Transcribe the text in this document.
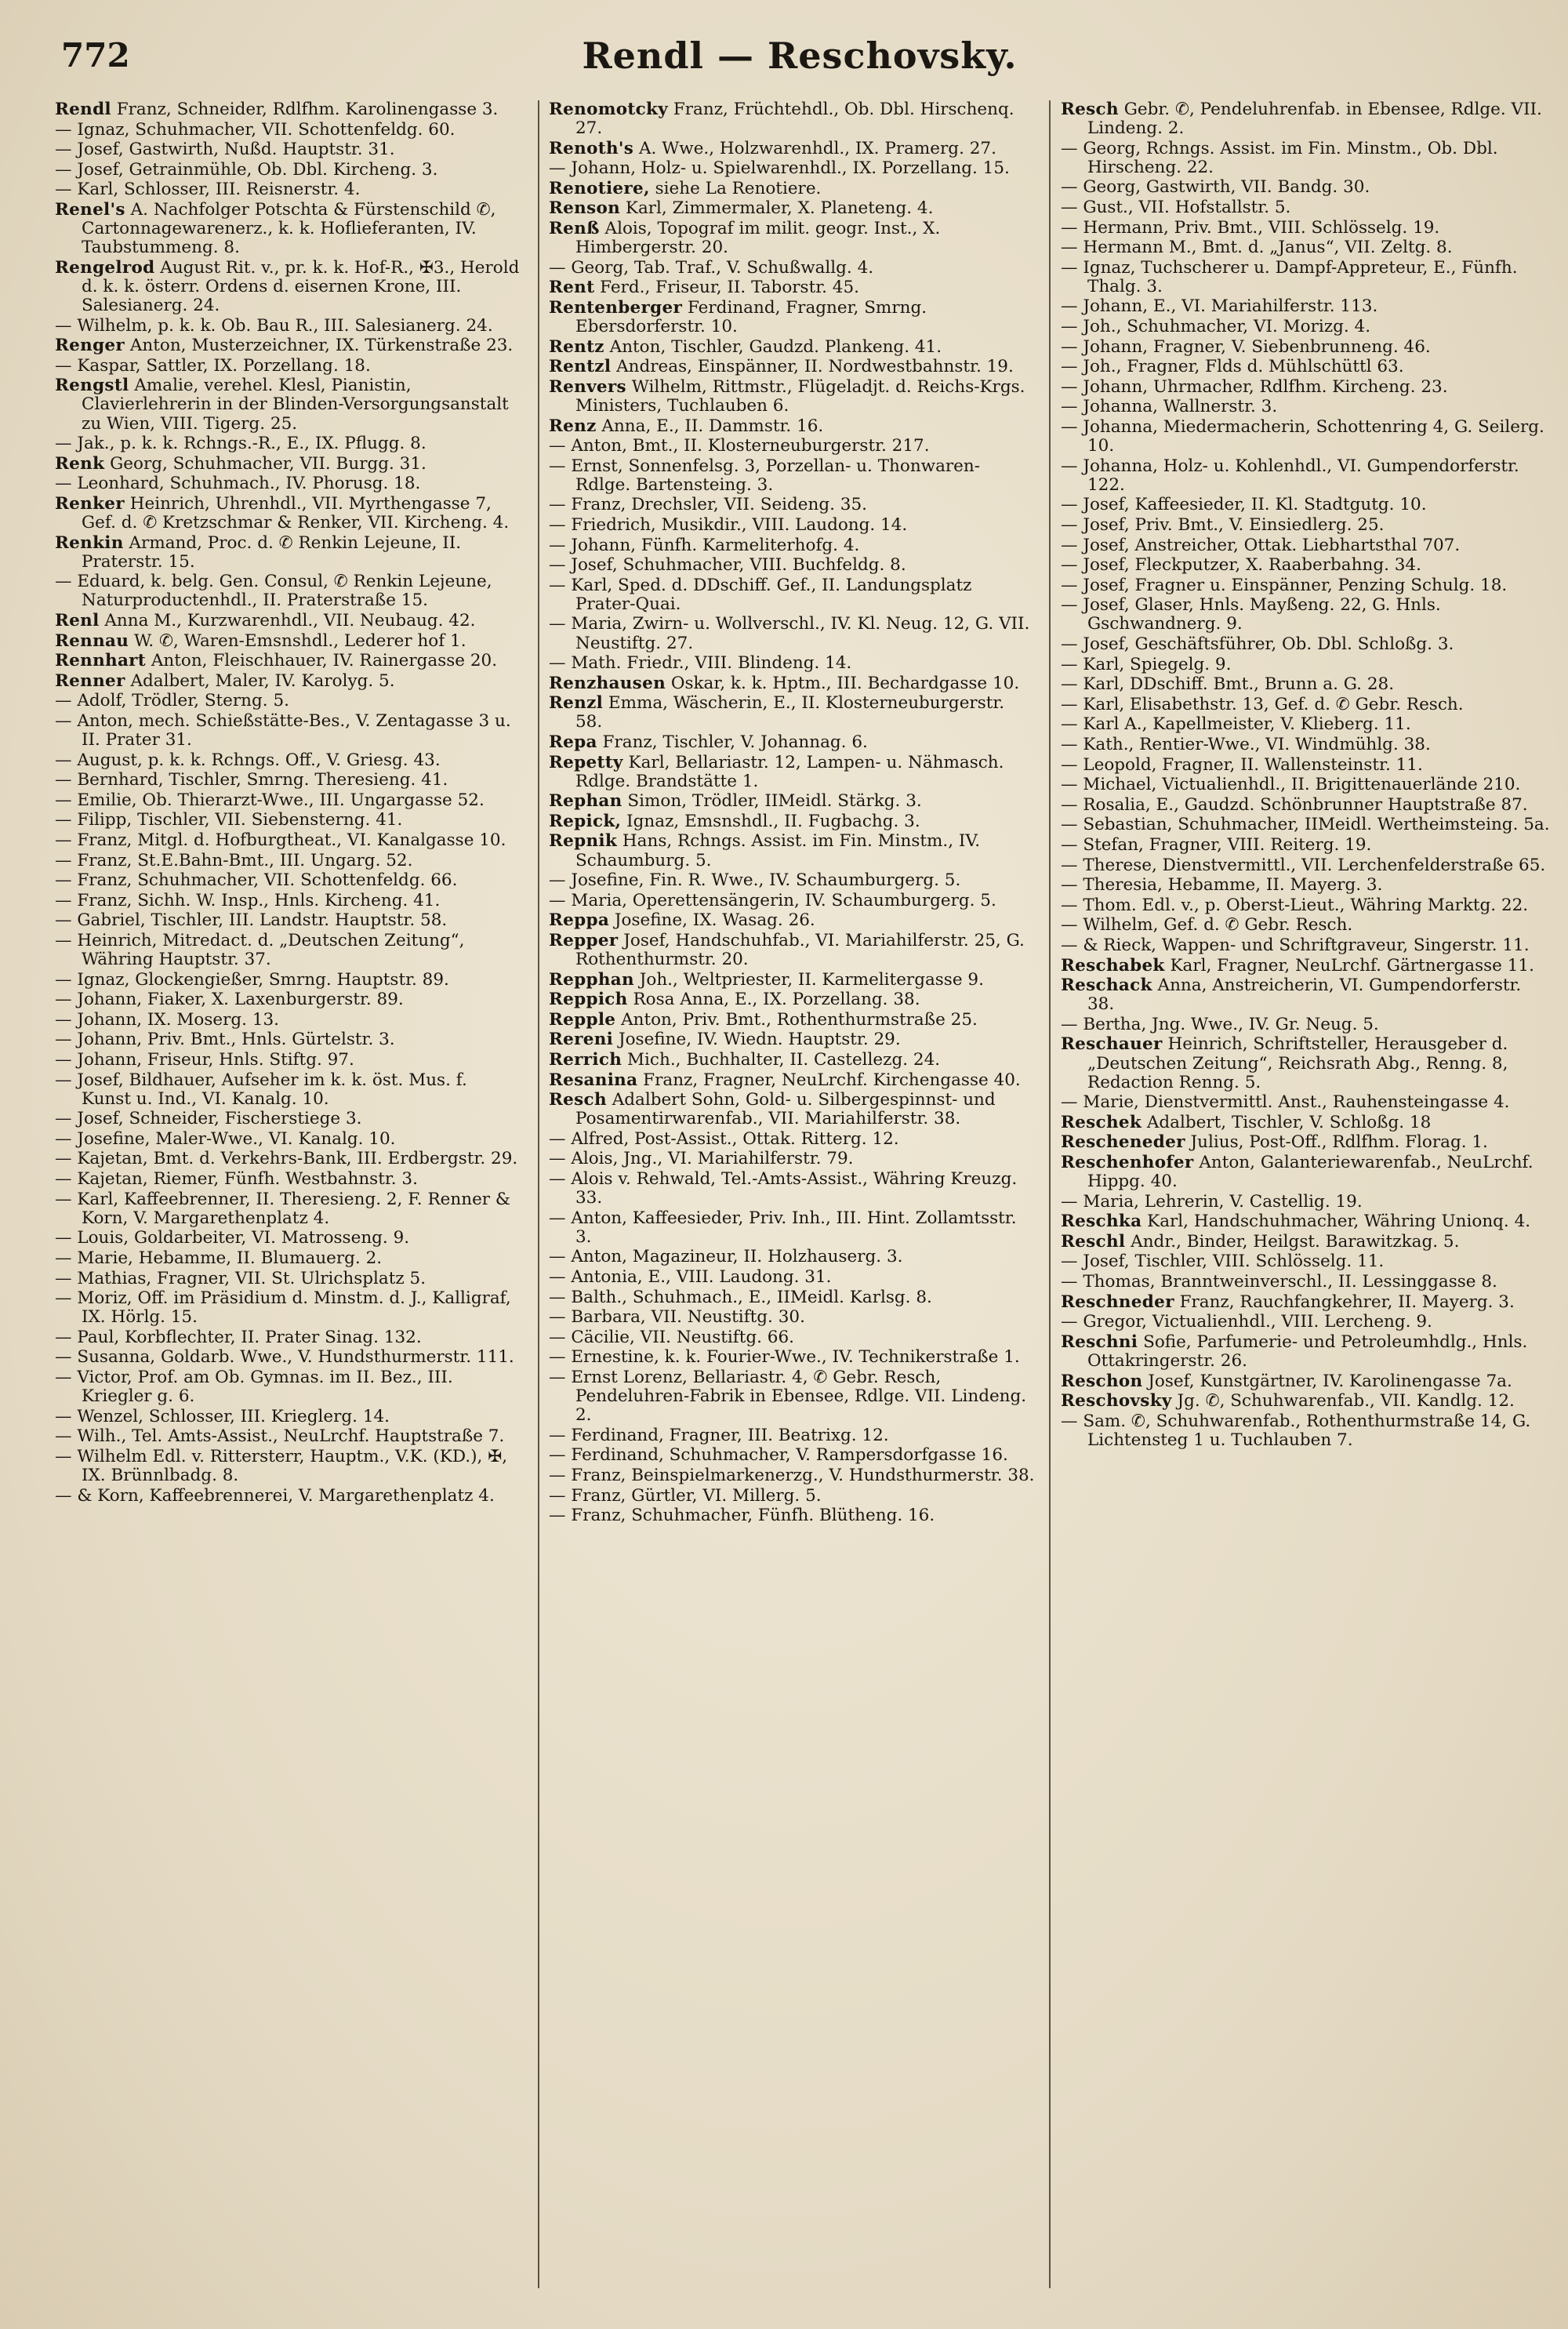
772	Rendl — Reschovsky.
Rendl Franz, Schneider, Rdlfhm. Karolinengasse 3.
— Ignaz, Schuhmacher, VII. Schottenfeldg. 60.
— Josef, Gastwirth, Nußd. Hauptstr. 31.
— Josef, Getrainmühle, Ob. Dbl. Kircheng. 3.
— Karl, Schlosser, III. Reisnerstr. 4.
Renel's A. Nachfolger Potschta & Fürstenschild ✆, Cartonnagewarenerz., k. k. Hoflieferanten, IV. Taubstummeng. 8.
Rengelrod August Rit. v., pr. k. k. Hof-R., ✠3., Herold d. k. k. österr. Ordens d. eisernen Krone, III. Salesianerg. 24.
— Wilhelm, p. k. k. Ob. Bau R., III. Salesianerg. 24.
Renger Anton, Musterzeichner, IX. Türkenstraße 23.
— Kaspar, Sattler, IX. Porzellang. 18.
Rengstl Amalie, verehel. Klesl, Pianistin, Clavierlehrerin in der Blinden-Versorgungsanstalt zu Wien, VIII. Tigerg. 25.
— Jak., p. k. k. Rchngs.-R., E., IX. Pflugg. 8.
Renk Georg, Schuhmacher, VII. Burgg. 31.
— Leonhard, Schuhmach., IV. Phorusg. 18.
Renker Heinrich, Uhrenhdl., VII. Myrthengasse 7, Gef. d. ✆ Kretzschmar & Renker, VII. Kircheng. 4.
Renkin Armand, Proc. d. ✆ Renkin Lejeune, II. Praterstr. 15.
— Eduard, k. belg. Gen. Consul, ✆ Renkin Lejeune, Naturproductenhdl., II. Praterstraße 15.
Renl Anna M., Kurzwarenhdl., VII. Neubaug. 42.
Rennau W. ✆, Waren-Emsnshdl., Lederer hof 1.
Rennhart Anton, Fleischhauer, IV. Rainergasse 20.
Renner Adalbert, Maler, IV. Karolyg. 5.
— Adolf, Trödler, Sterng. 5.
— Anton, mech. Schießstätte-Bes., V. Zentagasse 3 u. II. Prater 31.
— August, p. k. k. Rchngs. Off., V. Griesg. 43.
— Bernhard, Tischler, Smrng. Theresieng. 41.
— Emilie, Ob. Thierarzt-Wwe., III. Ungargasse 52.
— Filipp, Tischler, VII. Siebensterng. 41.
— Franz, Mitgl. d. Hofburgtheat., VI. Kanalgasse 10.
— Franz, St.E.Bahn-Bmt., III. Ungarg. 52.
— Franz, Schuhmacher, VII. Schottenfeldg. 66.
— Franz, Sichh. W. Insp., Hnls. Kircheng. 41.
— Gabriel, Tischler, III. Landstr. Hauptstr. 58.
— Heinrich, Mitredact. d. „Deutschen Zeitung“, Währing Hauptstr. 37.
— Ignaz, Glockengießer, Smrng. Hauptstr. 89.
— Johann, Fiaker, X. Laxenburgerstr. 89.
— Johann, IX. Moserg. 13.
— Johann, Priv. Bmt., Hnls. Gürtelstr. 3.
— Johann, Friseur, Hnls. Stiftg. 97.
— Josef, Bildhauer, Aufseher im k. k. öst. Mus. f. Kunst u. Ind., VI. Kanalg. 10.
— Josef, Schneider, Fischerstiege 3.
— Josefine, Maler-Wwe., VI. Kanalg. 10.
— Kajetan, Bmt. d. Verkehrs-Bank, III. Erdbergstr. 29.
— Kajetan, Riemer, Fünfh. Westbahnstr. 3.
— Karl, Kaffeebrenner, II. Theresieng. 2, F. Renner & Korn, V. Margarethenplatz 4.
— Louis, Goldarbeiter, VI. Matrosseng. 9.
— Marie, Hebamme, II. Blumauerg. 2.
— Mathias, Fragner, VII. St. Ulrichsplatz 5.
— Moriz, Off. im Präsidium d. Minstm. d. J., Kalligraf, IX. Hörlg. 15.
— Paul, Korbflechter, II. Prater Sinag. 132.
— Susanna, Goldarb. Wwe., V. Hundsthurmerstr. 111.
— Victor, Prof. am Ob. Gymnas. im II. Bez., III. Kriegler g. 6.
— Wenzel, Schlosser, III. Krieglerg. 14.
— Wilh., Tel. Amts-Assist., NeuLrchf. Hauptstraße 7.
— Wilhelm Edl. v. Rittersterr, Hauptm., V.K. (KD.), ✠, IX. Brünnlbadg. 8.
— & Korn, Kaffeebrennerei, V. Margarethenplatz 4.
Renomotcky Franz, Früchtehdl., Ob. Dbl. Hirschenq. 27.
Renoth's A. Wwe., Holzwarenhdl., IX. Pramerg. 27.
— Johann, Holz- u. Spielwarenhdl., IX. Porzellang. 15.
Renotiere, siehe La Renotiere.
Renson Karl, Zimmermaler, X. Planeteng. 4.
Renß Alois, Topograf im milit. geogr. Inst., X. Himbergerstr. 20.
— Georg, Tab. Traf., V. Schußwallg. 4.
Rent Ferd., Friseur, II. Taborstr. 45.
Rentenberger Ferdinand, Fragner, Smrng. Ebersdorferstr. 10.
Rentz Anton, Tischler, Gaudzd. Plankeng. 41.
Rentzl Andreas, Einspänner, II. Nordwestbahnstr. 19.
Renvers Wilhelm, Rittmstr., Flügeladjt. d. Reichs-Krgs. Ministers, Tuchlauben 6.
Renz Anna, E., II. Dammstr. 16.
— Anton, Bmt., II. Klosterneuburgerstr. 217.
— Ernst, Sonnenfelsg. 3, Porzellan- u. Thonwaren-Rdlge. Bartensteing. 3.
— Franz, Drechsler, VII. Seideng. 35.
— Friedrich, Musikdir., VIII. Laudong. 14.
— Johann, Fünfh. Karmeliterhofg. 4.
— Josef, Schuhmacher, VIII. Buchfeldg. 8.
— Karl, Sped. d. DDschiff. Gef., II. Landungsplatz Prater-Quai.
— Maria, Zwirn- u. Wollverschl., IV. Kl. Neug. 12, G. VII. Neustiftg. 27.
— Math. Friedr., VIII. Blindeng. 14.
Renzhausen Oskar, k. k. Hptm., III. Bechardgasse 10.
Renzl Emma, Wäscherin, E., II. Klosterneuburgerstr. 58.
Repa Franz, Tischler, V. Johannag. 6.
Repetty Karl, Bellariastr. 12, Lampen- u. Nähmasch. Rdlge. Brandstätte 1.
Rephan Simon, Trödler, IIMeidl. Stärkg. 3.
Repick, Ignaz, Emsnshdl., II. Fugbachg. 3.
Repnik Hans, Rchngs. Assist. im Fin. Minstm., IV. Schaumburg. 5.
— Josefine, Fin. R. Wwe., IV. Schaumburgerg. 5.
— Maria, Operettensängerin, IV. Schaumburgerg. 5.
Reppa Josefine, IX. Wasag. 26.
Repper Josef, Handschuhfab., VI. Mariahilferstr. 25, G. Rothenthurmstr. 20.
Repphan Joh., Weltpriester, II. Karmelitergasse 9.
Reppich Rosa Anna, E., IX. Porzellang. 38.
Repple Anton, Priv. Bmt., Rothenthurmstraße 25.
Rereni Josefine, IV. Wiedn. Hauptstr. 29.
Rerrich Mich., Buchhalter, II. Castellezg. 24.
Resanina Franz, Fragner, NeuLrchf. Kirchengasse 40.
Resch Adalbert Sohn, Gold- u. Silbergespinnst- und Posamentirwarenfab., VII. Mariahilferstr. 38.
— Alfred, Post-Assist., Ottak. Ritterg. 12.
— Alois, Jng., VI. Mariahilferstr. 79.
— Alois v. Rehwald, Tel.-Amts-Assist., Währing Kreuzg. 33.
— Anton, Kaffeesieder, Priv. Inh., III. Hint. Zollamtsstr. 3.
— Anton, Magazineur, II. Holzhauserg. 3.
— Antonia, E., VIII. Laudong. 31.
— Balth., Schuhmach., E., IIMeidl. Karlsg. 8.
— Barbara, VII. Neustiftg. 30.
— Cäcilie, VII. Neustiftg. 66.
— Ernestine, k. k. Fourier-Wwe., IV. Technikerstraße 1.
— Ernst Lorenz, Bellariastr. 4, ✆ Gebr. Resch, Pendeluhren-Fabrik in Ebensee, Rdlge. VII. Lindeng. 2.
— Ferdinand, Fragner, III. Beatrixg. 12.
— Ferdinand, Schuhmacher, V. Rampersdorfgasse 16.
— Franz, Beinspielmarkenerzg., V. Hundsthurmerstr. 38.
— Franz, Gürtler, VI. Millerg. 5.
— Franz, Schuhmacher, Fünfh. Blütheng. 16.
Resch Gebr. ✆, Pendeluhrenfab. in Ebensee, Rdlge. VII. Lindeng. 2.
— Georg, Rchngs. Assist. im Fin. Minstm., Ob. Dbl. Hirscheng. 22.
— Georg, Gastwirth, VII. Bandg. 30.
— Gust., VII. Hofstallstr. 5.
— Hermann, Priv. Bmt., VIII. Schlösselg. 19.
— Hermann M., Bmt. d. „Janus“, VII. Zeltg. 8.
— Ignaz, Tuchscherer u. Dampf-Appreteur, E., Fünfh. Thalg. 3.
— Johann, E., VI. Mariahilferstr. 113.
— Joh., Schuhmacher, VI. Morizg. 4.
— Johann, Fragner, V. Siebenbrunneng. 46.
— Joh., Fragner, Flds d. Mühlschüttl 63.
— Johann, Uhrmacher, Rdlfhm. Kircheng. 23.
— Johanna, Wallnerstr. 3.
— Johanna, Miedermacherin, Schottenring 4, G. Seilerg. 10.
— Johanna, Holz- u. Kohlenhdl., VI. Gumpendorferstr. 122.
— Josef, Kaffeesieder, II. Kl. Stadtgutg. 10.
— Josef, Priv. Bmt., V. Einsiedlerg. 25.
— Josef, Anstreicher, Ottak. Liebhartsthal 707.
— Josef, Fleckputzer, X. Raaberbahng. 34.
— Josef, Fragner u. Einspänner, Penzing Schulg. 18.
— Josef, Glaser, Hnls. Mayßeng. 22, G. Hnls. Gschwandnerg. 9.
— Josef, Geschäftsführer, Ob. Dbl. Schloßg. 3.
— Karl, Spiegelg. 9.
— Karl, DDschiff. Bmt., Brunn a. G. 28.
— Karl, Elisabethstr. 13, Gef. d. ✆ Gebr. Resch.
— Karl A., Kapellmeister, V. Klieberg. 11.
— Kath., Rentier-Wwe., VI. Windmühlg. 38.
— Leopold, Fragner, II. Wallensteinstr. 11.
— Michael, Victualienhdl., II. Brigittenauerlände 210.
— Rosalia, E., Gaudzd. Schönbrunner Hauptstraße 87.
— Sebastian, Schuhmacher, IIMeidl. Wertheimsteing. 5a.
— Stefan, Fragner, VIII. Reiterg. 19.
— Therese, Dienstvermittl., VII. Lerchenfelderstraße 65.
— Theresia, Hebamme, II. Mayerg. 3.
— Thom. Edl. v., p. Oberst-Lieut., Währing Marktg. 22.
— Wilhelm, Gef. d. ✆ Gebr. Resch.
— & Rieck, Wappen- und Schriftgraveur, Singerstr. 11.
Reschabek Karl, Fragner, NeuLrchf. Gärtnergasse 11.
Reschack Anna, Anstreicherin, VI. Gumpendorferstr. 38.
— Bertha, Jng. Wwe., IV. Gr. Neug. 5.
Reschauer Heinrich, Schriftsteller, Herausgeber d. „Deutschen Zeitung“, Reichsrath Abg., Renng. 8, Redaction Renng. 5.
— Marie, Dienstvermittl. Anst., Rauhensteingasse 4.
Reschek Adalbert, Tischler, V. Schloßg. 18
Rescheneder Julius, Post-Off., Rdlfhm. Florag. 1.
Reschenhofer Anton, Galanteriewarenfab., NeuLrchf. Hippg. 40.
— Maria, Lehrerin, V. Castellig. 19.
Reschka Karl, Handschuhmacher, Währing Unionq. 4.
Reschl Andr., Binder, Heilgst. Barawitzkag. 5.
— Josef, Tischler, VIII. Schlösselg. 11.
— Thomas, Branntweinverschl., II. Lessinggasse 8.
Reschneder Franz, Rauchfangkehrer, II. Mayerg. 3.
— Gregor, Victualienhdl., VIII. Lercheng. 9.
Reschni Sofie, Parfumerie- und Petroleumhdlg., Hnls. Ottakringerstr. 26.
Reschon Josef, Kunstgärtner, IV. Karolinengasse 7a.
Reschovsky Jg. ✆, Schuhwarenfab., VII. Kandlg. 12.
— Sam. ✆, Schuhwarenfab., Rothenthurmstraße 14, G. Lichtensteg 1 u. Tuchlauben 7.
